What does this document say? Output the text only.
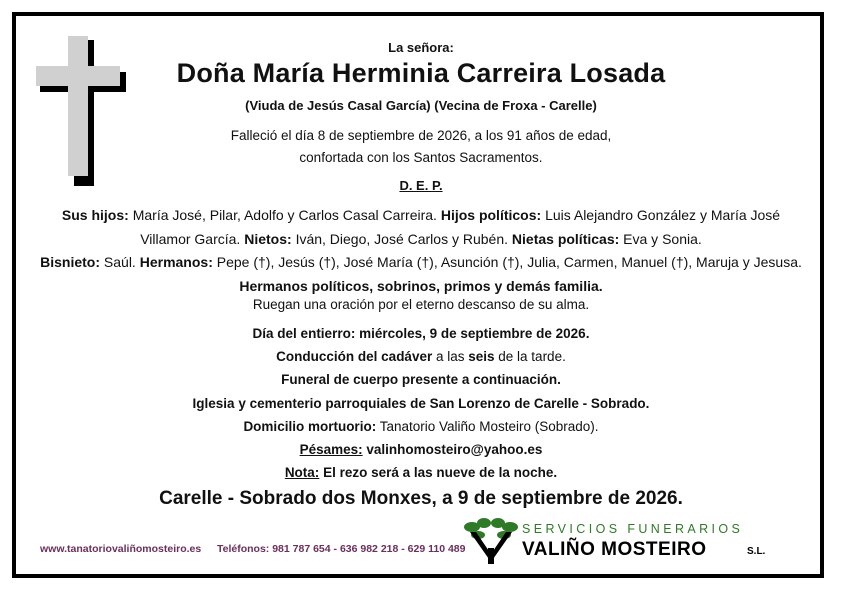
La señora:
Doña María Herminia Carreira Losada
(Viuda de Jesús Casal García) (Vecina de Froxa - Carelle)
Falleció el día 8 de septiembre de 2026, a los 91 años de edad,
confortada con los Santos Sacramentos.
D. E. P.
Sus hijos: María José, Pilar, Adolfo y Carlos Casal Carreira. Hijos políticos: Luis Alejandro González y María José Villamor García. Nietos: Iván, Diego, José Carlos y Rubén. Nietas políticas: Eva y Sonia.
Bisnieto: Saúl. Hermanos: Pepe (†), Jesús (†), José María (†), Asunción (†), Julia, Carmen, Manuel (†), Maruja y Jesusa. Hermanos políticos, sobrinos, primos y demás familia.
Ruegan una oración por el eterno descanso de su alma.
Día del entierro: miércoles, 9 de septiembre de 2026.
Conducción del cadáver a las seis de la tarde.
Funeral de cuerpo presente a continuación.
Iglesia y cementerio parroquiales de San Lorenzo de Carelle - Sobrado.
Domicilio mortuorio: Tanatorio Valiño Mosteiro (Sobrado).
Pésames: valinhomosteiro@yahoo.es
Nota: El rezo será a las nueve de la noche.
Carelle - Sobrado dos Monxes, a 9 de septiembre de 2026.
www.tanatoriovaliñomosteiro.es Teléfonos: 981 787 654 - 636 982 218 - 629 110 489
SERVICIOS FUNERARIOS
VALIÑO MOSTEIRO	S.L.
